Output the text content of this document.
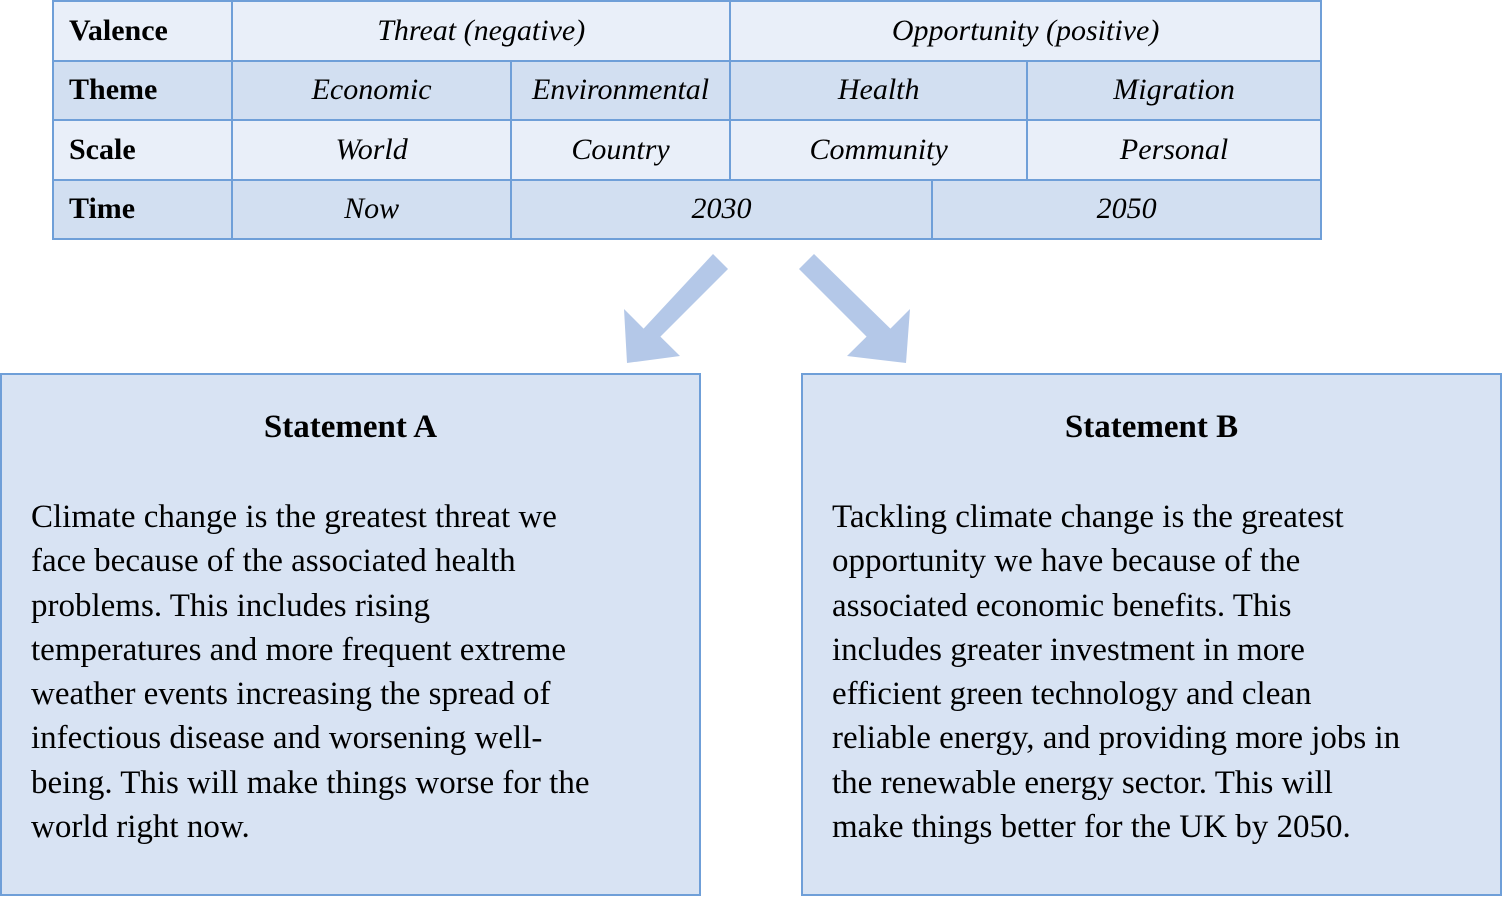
Valence	Threat (negative)		Opportunity (positive)		
Theme	Economic	Environmental	Health		Migration
Scale	World	Country	Community		Personal
Time	Now	2030		2050	
Statement A
Climate change is the greatest threat we
face because of the associated health
problems. This includes rising
temperatures and more frequent extreme
weather events increasing the spread of
infectious disease and worsening well-
being. This will make things worse for the
world right now.
Statement B
Tackling climate change is the greatest
opportunity we have because of the
associated economic benefits. This
includes greater investment in more
efficient green technology and clean
reliable energy, and providing more jobs in
the renewable energy sector. This will
make things better for the UK by 2050.
